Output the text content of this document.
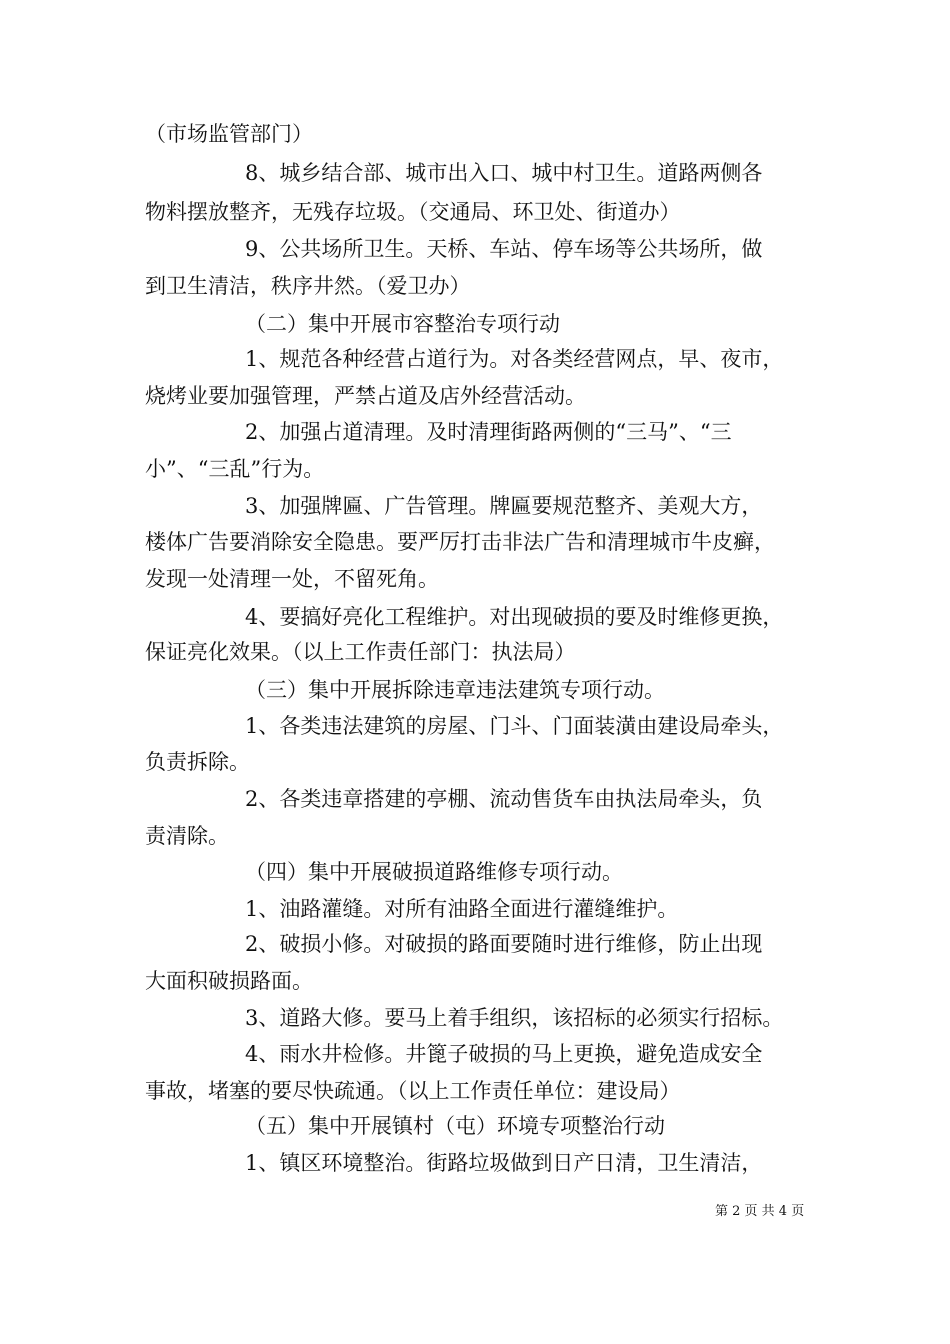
（市场监管部门）
8、城乡结合部、城市出入口、城中村卫生。道路两侧各
物料摆放整齐，无残存垃圾。（交通局、环卫处、街道办）
9、公共场所卫生。天桥、车站、停车场等公共场所，做
到卫生清洁，秩序井然。（爱卫办）
（二）集中开展市容整治专项行动
1、规范各种经营占道行为。对各类经营网点，早、夜市，
烧烤业要加强管理，严禁占道及店外经营活动。
2、加强占道清理。及时清理街路两侧的“三马”、“三
小”、“三乱”行为。
3、加强牌匾、广告管理。牌匾要规范整齐、美观大方，
楼体广告要消除安全隐患。要严厉打击非法广告和清理城市牛皮癣，
发现一处清理一处，不留死角。
4、要搞好亮化工程维护。对出现破损的要及时维修更换，
保证亮化效果。（以上工作责任部门：执法局）
（三）集中开展拆除违章违法建筑专项行动。
1、各类违法建筑的房屋、门斗、门面装潢由建设局牵头，
负责拆除。
2、各类违章搭建的亭棚、流动售货车由执法局牵头，负
责清除。
（四）集中开展破损道路维修专项行动。
1、油路灌缝。对所有油路全面进行灌缝维护。
2、破损小修。对破损的路面要随时进行维修，防止出现
大面积破损路面。
3、道路大修。要马上着手组织，该招标的必须实行招标。
4、雨水井检修。井篦子破损的马上更换，避免造成安全
事故，堵塞的要尽快疏通。（以上工作责任单位：建设局）
（五）集中开展镇村（屯）环境专项整治行动
1、镇区环境整治。街路垃圾做到日产日清，卫生清洁，
第 2 页 共 4 页
